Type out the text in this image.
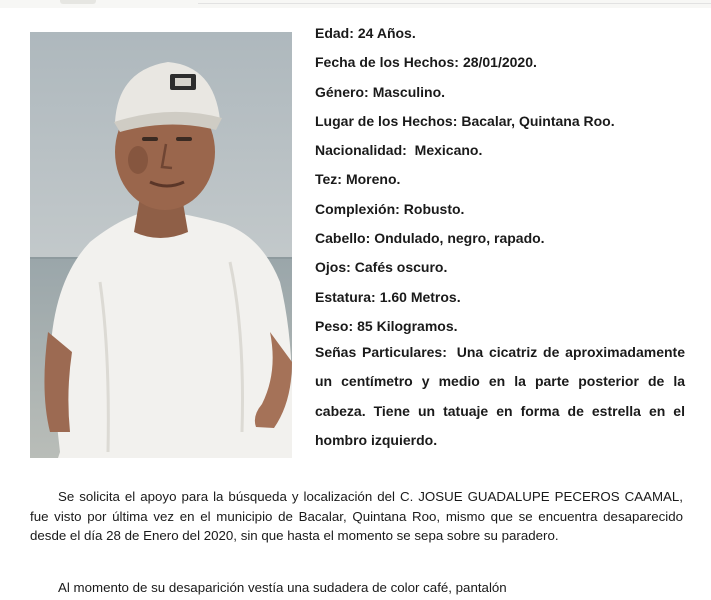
Edad: 24 Años.
Fecha de los Hechos: 28/01/2020.
Género: Masculino.
Lugar de los Hechos: Bacalar, Quintana Roo.
Nacionalidad: Mexicano.
Tez: Moreno.
Complexión: Robusto.
Cabello: Ondulado, negro, rapado.
Ojos: Cafés oscuro.
Estatura: 1.60 Metros.
Peso: 85 Kilogramos.
Señas Particulares: Una cicatriz de aproximadamente un centímetro y medio en la parte posterior de la cabeza. Tiene un tatuaje en forma de estrella en el hombro izquierdo.

Se solicita el apoyo para la búsqueda y localización del C. JOSUE GUADALUPE PECEROS CAAMAL, fue visto por última vez en el municipio de Bacalar, Quintana Roo, mismo que se encuentra desaparecido desde el día 28 de Enero del 2020, sin que hasta el momento se sepa sobre su paradero.

Al momento de su desaparición vestía una sudadera de color café, pantalón
